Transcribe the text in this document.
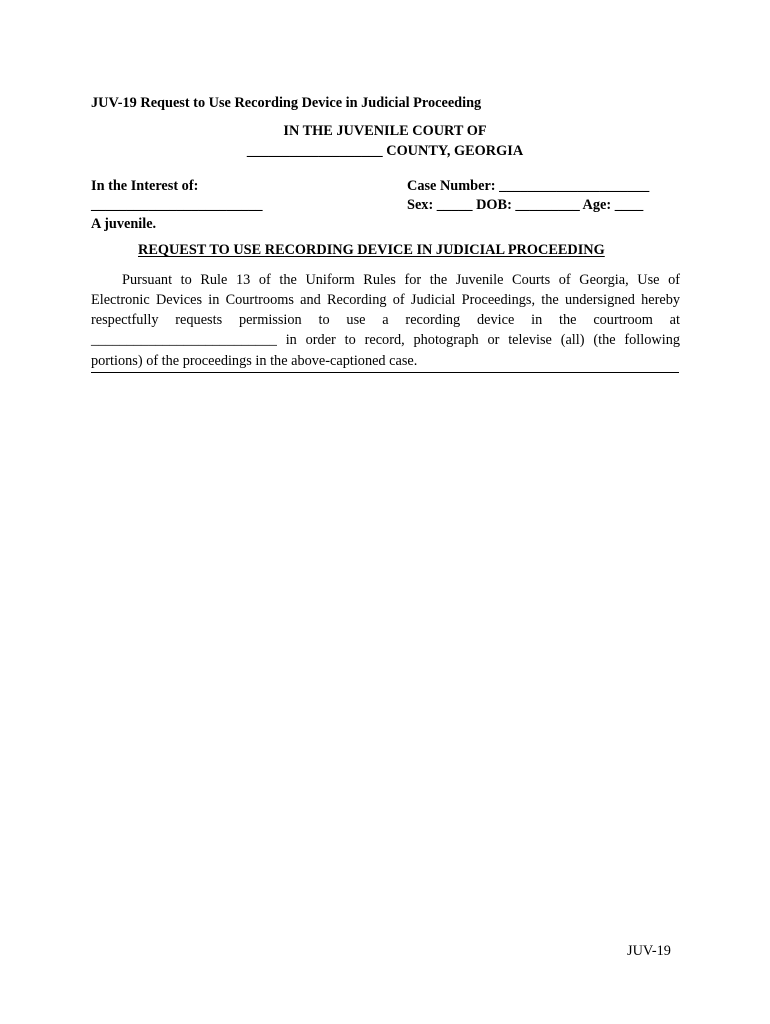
JUV-19 Request to Use Recording Device in Judicial Proceeding
IN THE JUVENILE COURT OF
___________________ COUNTY, GEORGIA
In the Interest of:
________________________
A juvenile.
Case Number: _____________________
Sex: _____ DOB: _________ Age: ____
REQUEST TO USE RECORDING DEVICE IN JUDICIAL PROCEEDING
Pursuant to Rule 13 of the Uniform Rules for the Juvenile Courts of Georgia, Use of
Electronic Devices in Courtrooms and Recording of Judicial Proceedings, the undersigned hereby
respectfully requests permission to use a recording device in the courtroom at
__________________________ in order to record, photograph or televise (all) (the following
portions) of the proceedings in the above-captioned case.
JUV-19
